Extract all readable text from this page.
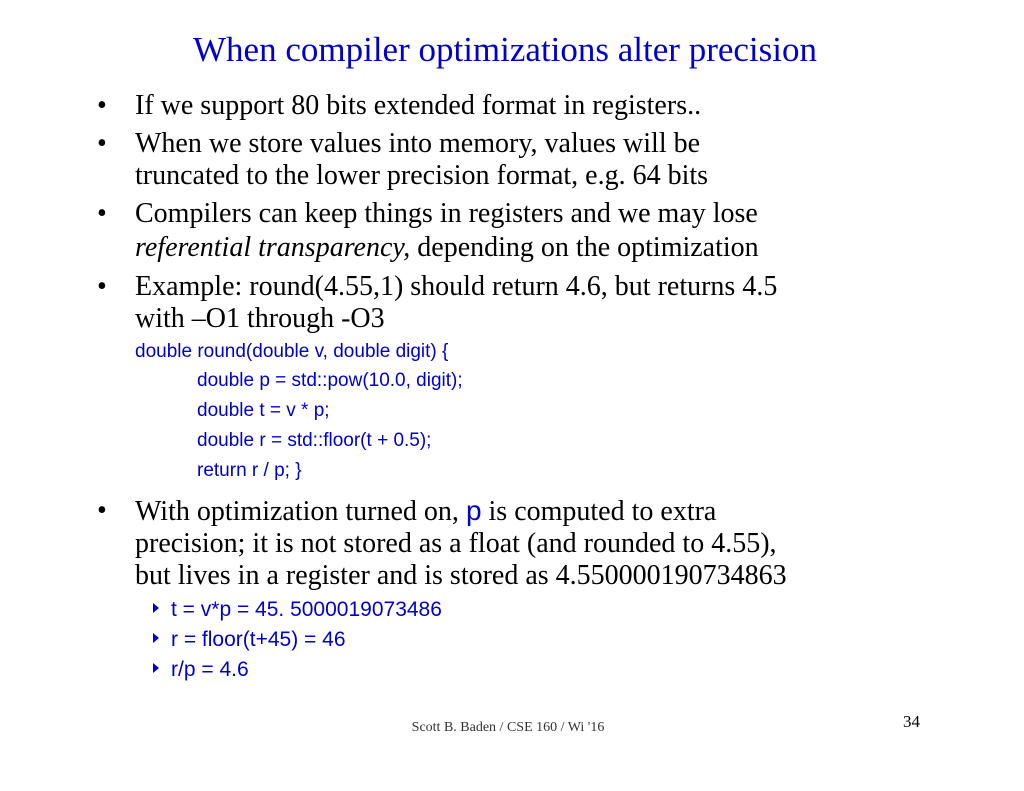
When compiler optimizations alter precision
• If we support 80 bits extended format in registers..
• When we store values into memory, values will be
truncated to the lower precision format, e.g. 64 bits
• Compilers can keep things in registers and we may lose
referential transparency, depending on the optimization
• Example: round(4.55,1) should return 4.6, but returns 4.5
with –O1 through -O3
double round(double v, double digit) {
double p = std::pow(10.0, digit);
double t = v * p;
double r = std::floor(t + 0.5);
return r / p; }
• With optimization turned on, p is computed to extra
precision; it is not stored as a float (and rounded to 4.55),
but lives in a register and is stored as 4.550000190734863
t = v*p = 45. 5000019073486
r = floor(t+45) = 46
r/p = 4.6
Scott B. Baden / CSE 160 / Wi '16	34
